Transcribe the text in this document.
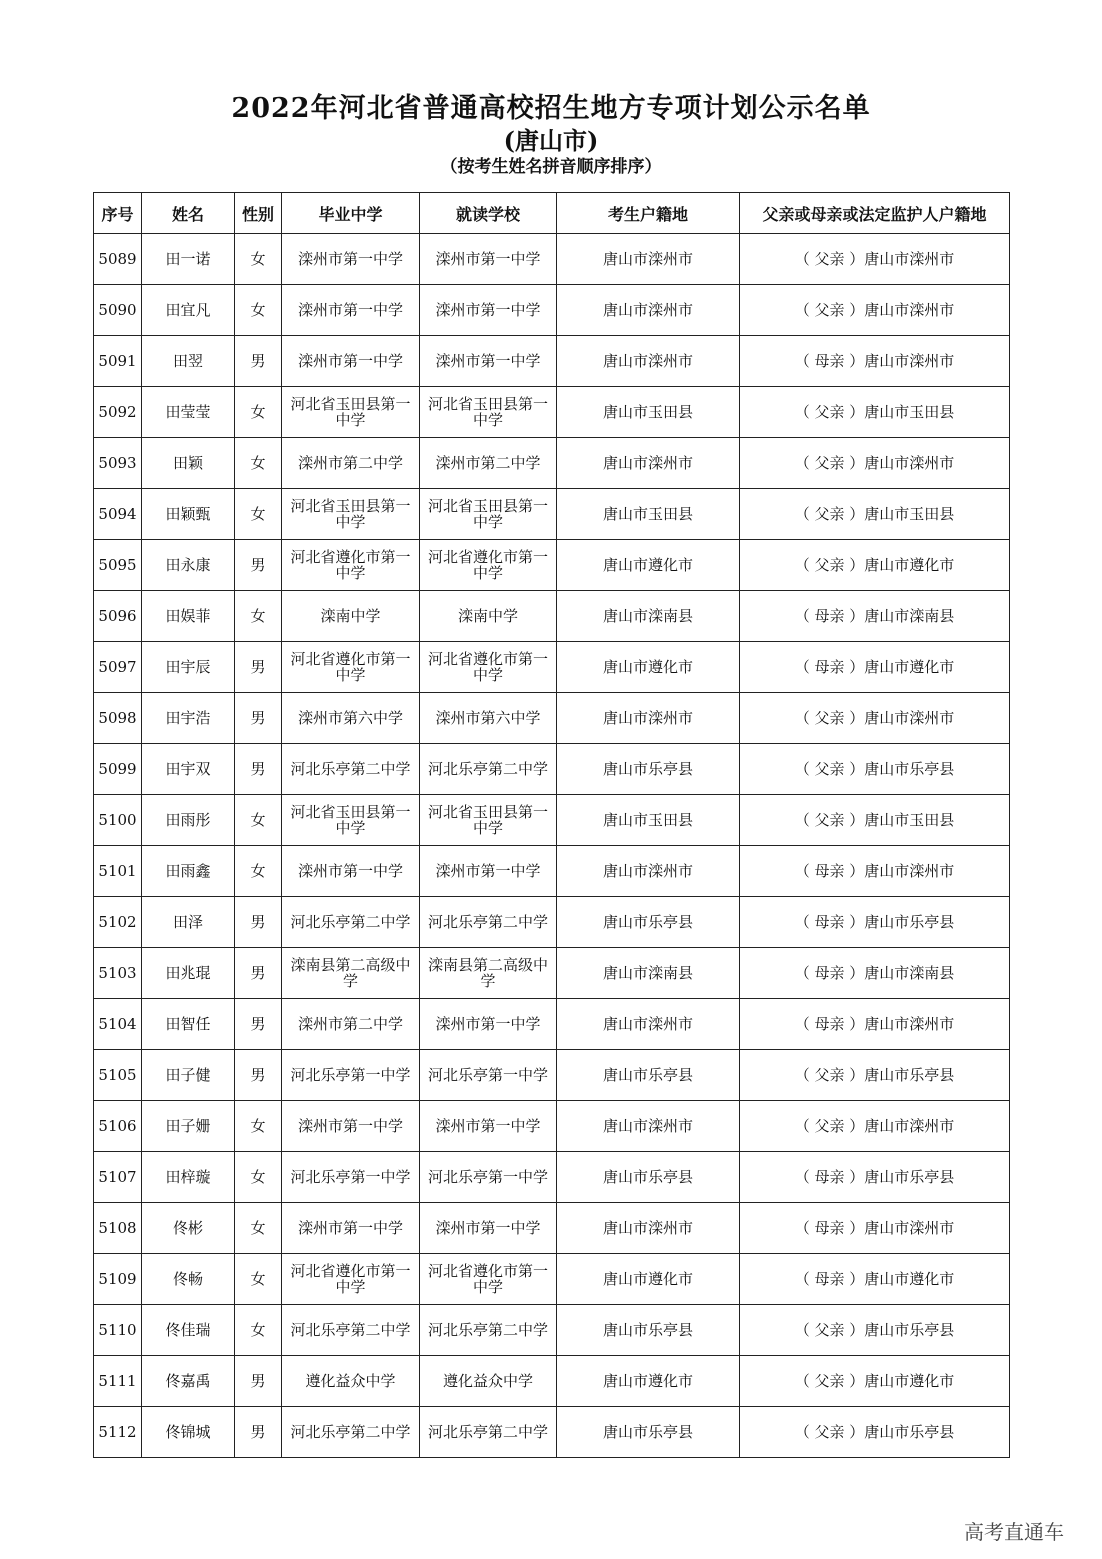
2022年河北省普通高校招生地方专项计划公示名单
(唐山市)
（按考生姓名拼音顺序排序）
序号	姓名	性别	毕业中学	就读学校	考生户籍地	父亲或母亲或法定监护人户籍地
5089	田一诺	女	滦州市第一中学	滦州市第一中学	唐山市滦州市	（ 父亲 ）唐山市滦州市
5090	田宜凡	女	滦州市第一中学	滦州市第一中学	唐山市滦州市	（ 父亲 ）唐山市滦州市
5091	田翌	男	滦州市第一中学	滦州市第一中学	唐山市滦州市	（ 母亲 ）唐山市滦州市
5092	田莹莹	女	河北省玉田县第一中学	河北省玉田县第一中学	唐山市玉田县	（ 父亲 ）唐山市玉田县
5093	田颖	女	滦州市第二中学	滦州市第二中学	唐山市滦州市	（ 父亲 ）唐山市滦州市
5094	田颖甄	女	河北省玉田县第一中学	河北省玉田县第一中学	唐山市玉田县	（ 父亲 ）唐山市玉田县
5095	田永康	男	河北省遵化市第一中学	河北省遵化市第一中学	唐山市遵化市	（ 父亲 ）唐山市遵化市
5096	田娱菲	女	滦南中学	滦南中学	唐山市滦南县	（ 母亲 ）唐山市滦南县
5097	田宇辰	男	河北省遵化市第一中学	河北省遵化市第一中学	唐山市遵化市	（ 母亲 ）唐山市遵化市
5098	田宇浩	男	滦州市第六中学	滦州市第六中学	唐山市滦州市	（ 父亲 ）唐山市滦州市
5099	田宇双	男	河北乐亭第二中学	河北乐亭第二中学	唐山市乐亭县	（ 父亲 ）唐山市乐亭县
5100	田雨彤	女	河北省玉田县第一中学	河北省玉田县第一中学	唐山市玉田县	（ 父亲 ）唐山市玉田县
5101	田雨鑫	女	滦州市第一中学	滦州市第一中学	唐山市滦州市	（ 母亲 ）唐山市滦州市
5102	田泽	男	河北乐亭第二中学	河北乐亭第二中学	唐山市乐亭县	（ 母亲 ）唐山市乐亭县
5103	田兆琨	男	滦南县第二高级中学	滦南县第二高级中学	唐山市滦南县	（ 母亲 ）唐山市滦南县
5104	田智任	男	滦州市第二中学	滦州市第一中学	唐山市滦州市	（ 母亲 ）唐山市滦州市
5105	田子健	男	河北乐亭第一中学	河北乐亭第一中学	唐山市乐亭县	（ 父亲 ）唐山市乐亭县
5106	田子姗	女	滦州市第一中学	滦州市第一中学	唐山市滦州市	（ 父亲 ）唐山市滦州市
5107	田梓璇	女	河北乐亭第一中学	河北乐亭第一中学	唐山市乐亭县	（ 母亲 ）唐山市乐亭县
5108	佟彬	女	滦州市第一中学	滦州市第一中学	唐山市滦州市	（ 母亲 ）唐山市滦州市
5109	佟畅	女	河北省遵化市第一中学	河北省遵化市第一中学	唐山市遵化市	（ 母亲 ）唐山市遵化市
5110	佟佳瑞	女	河北乐亭第二中学	河北乐亭第二中学	唐山市乐亭县	（ 父亲 ）唐山市乐亭县
5111	佟嘉禹	男	遵化益众中学	遵化益众中学	唐山市遵化市	（ 父亲 ）唐山市遵化市
5112	佟锦城	男	河北乐亭第二中学	河北乐亭第二中学	唐山市乐亭县	（ 父亲 ）唐山市乐亭县
高考直通车
